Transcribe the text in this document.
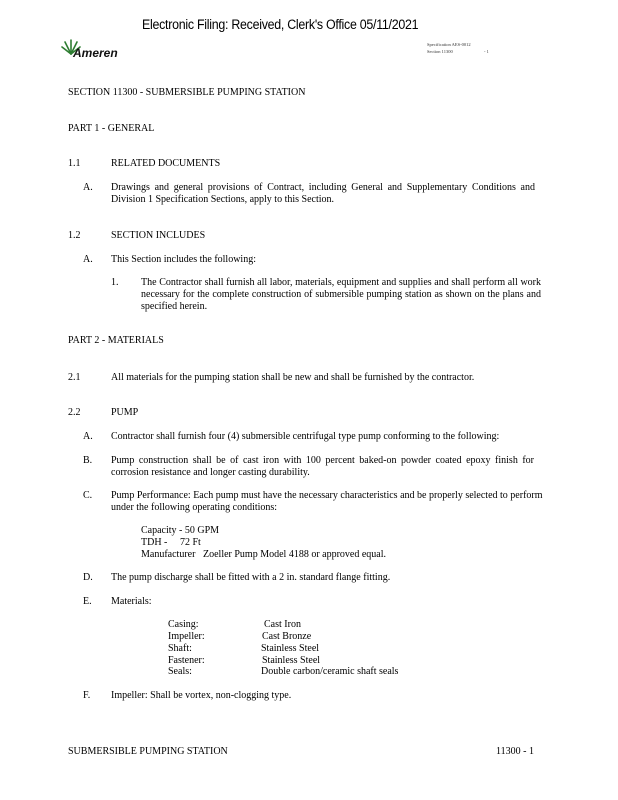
Electronic Filing: Received, Clerk's Office 05/11/2021
Ameren
Specification AES-0012
Section 11300	- 1
SECTION 11300 - SUBMERSIBLE PUMPING STATION
PART 1 - GENERAL
1.1	RELATED DOCUMENTS
A. Drawings and general provisions of Contract, including General and Supplementary Conditions and Division 1 Specification Sections, apply to this Section.
1.2	SECTION INCLUDES
A. This Section includes the following:
1. The Contractor shall furnish all labor, materials, equipment and supplies and shall perform all work necessary for the complete construction of submersible pumping station as shown on the plans and specified herein.
PART 2 - MATERIALS
2.1	All materials for the pumping station shall be new and shall be furnished by the contractor.
2.2	PUMP
A. Contractor shall furnish four (4) submersible centrifugal type pump conforming to the following:
B. Pump construction shall be of cast iron with 100 percent baked-on powder coated epoxy finish for corrosion resistance and longer casting durability.
C. Pump Performance: Each pump must have the necessary characteristics and be properly selected to perform under the following operating conditions:
Capacity - 50 GPM
TDH - 72 Ft
Manufacturer Zoeller Pump Model 4188 or approved equal.
D. The pump discharge shall be fitted with a 2 in. standard flange fitting.
E. Materials:
Casing:	Cast Iron
Impeller:	Cast Bronze
Shaft:	Stainless Steel
Fastener:	Stainless Steel
Seals:	Double carbon/ceramic shaft seals
F. Impeller: Shall be vortex, non-clogging type.
SUBMERSIBLE PUMPING STATION	11300 - 1
